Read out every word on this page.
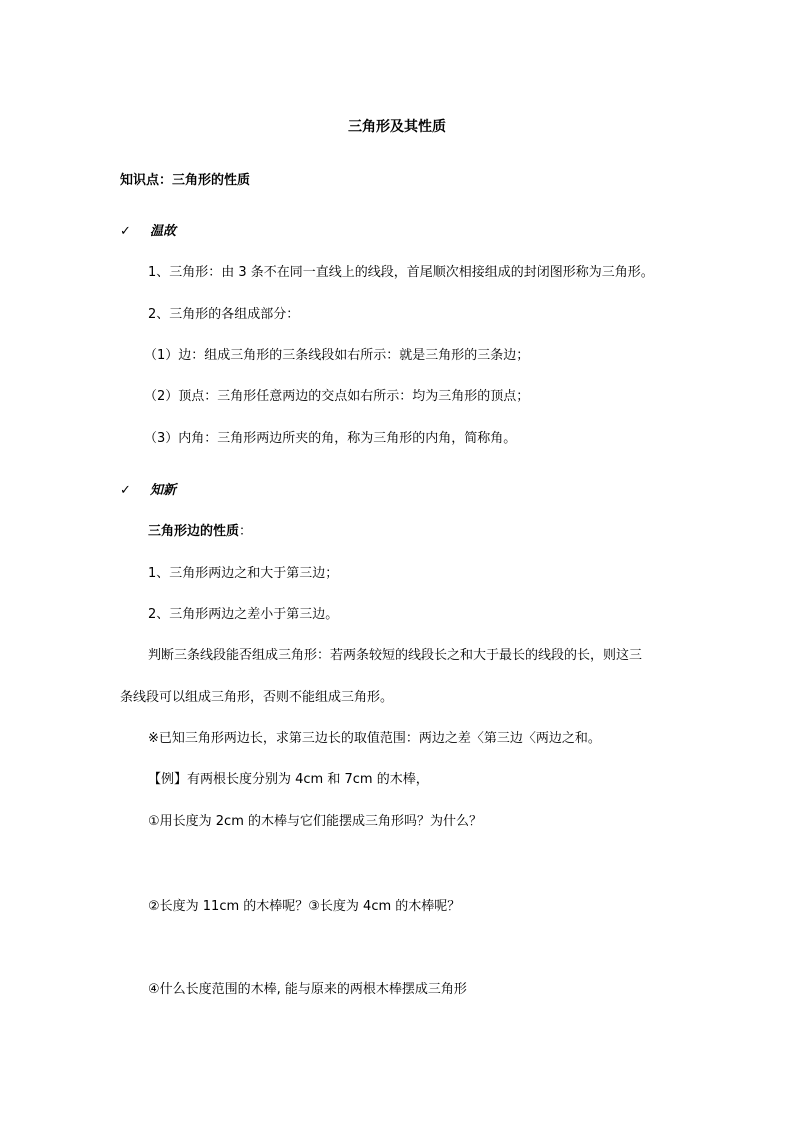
三角形及其性质
知识点：三角形的性质
✓ 温故
1、三角形：由 3 条不在同一直线上的线段，首尾顺次相接组成的封闭图形称为三角形。
2、三角形的各组成部分：
（1）边：组成三角形的三条线段如右所示：就是三角形的三条边；
（2）顶点：三角形任意两边的交点如右所示：均为三角形的顶点；
（3）内角：三角形两边所夹的角，称为三角形的内角，简称角。
✓ 知新
三角形边的性质：
1、三角形两边之和大于第三边；
2、三角形两边之差小于第三边。
判断三条线段能否组成三角形：若两条较短的线段长之和大于最长的线段的长，则这三
条线段可以组成三角形，否则不能组成三角形。
※已知三角形两边长，求第三边长的取值范围：两边之差〈第三边〈两边之和。
【例】有两根长度分别为 4cm 和 7cm 的木棒，
①用长度为 2cm 的木棒与它们能摆成三角形吗？为什么？
②长度为 11cm 的木棒呢？③长度为 4cm 的木棒呢？
④什么长度范围的木棒, 能与原来的两根木棒摆成三角形
